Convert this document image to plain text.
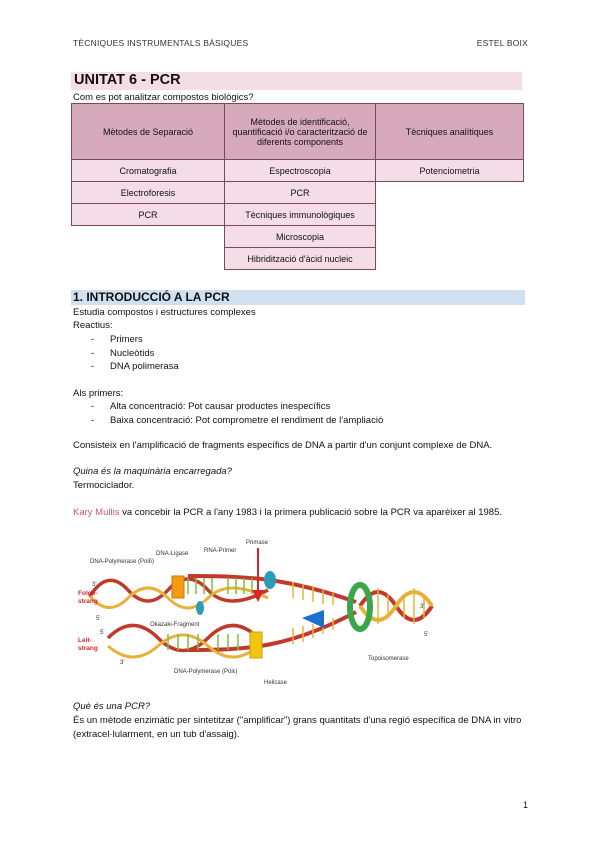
TÈCNIQUES INSTRUMENTALS BÀSIQUES	ESTEL BOIX
UNITAT 6 - PCR
Com es pot analitzar compostos biològics?
Mètodes de Separació	Mètodes de identificació, quantificació i/o caracterització de diferents components	Tècniques analítiques
Cromatografia	Espectroscopia	Potenciometria
Electroforesis	PCR	
PCR	Tècniques immunològiques	
	Microscopia	
	Hibridització d'àcid nucleic	
1. INTRODUCCIÓ A LA PCR
Estudia compostos i estructures complexes
Reactius:
- Primers
- Nucleòtids
- DNA polimerasa
Als primers:
- Alta concentració: Pot causar productes inespecífics
- Baixa concentració: Pot comprometre el rendiment de l'ampliació
Consisteix en l'amplificació de fragments específics de DNA a partir d'un conjunt complexe de DNA.
Quina és la maquinària encarregada?
Termociclador.
Kary Mullis va concebir la PCR a l'any 1983 i la primera publicació sobre la PCR va aparèixer al 1985.
Primase
RNA-Primer
DNA-Ligase
DNA-Polymerase (Polδ)
3'
Folge-
strang
5'
Okazaki-Fragment
5'
Leit-
strang
3'
DNA-Polymerase (Polε)
Helicase
Topoisomerase
3'
5'
Què és una PCR?
És un mètode enzimàtic per sintetitzar ("amplificar") grans quantitats d'una regió específica de DNA in vitro (extracel·lularment, en un tub d'assaig).
1
